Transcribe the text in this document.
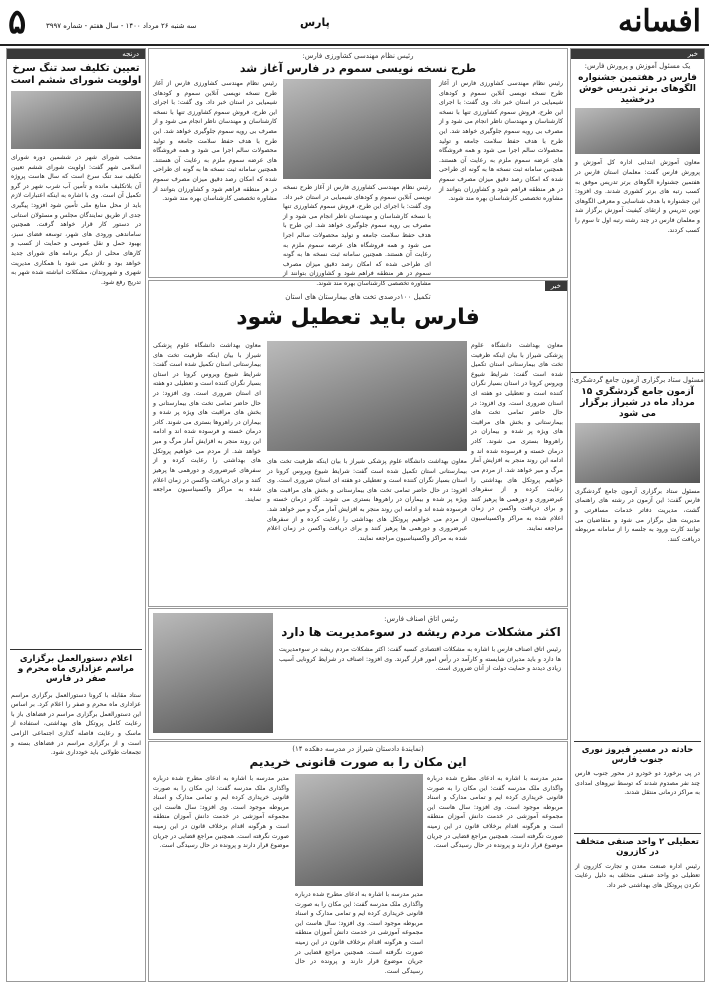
افسانه
پارس
سه شنبه ۲۶ مرداد ۱۴۰۰ - سال هفتم - شماره ۳۹۹۷
۵
درنجه
تعیین تکلیف سد تنگ سرخ اولویت شورای ششم است
منتخب شورای شهر در ششمین دوره شورای اسلامی شهر گفت: اولویت شورای ششم تعیین تکلیف سد تنگ سرخ است که سال هاست پروژه آن بلاتکلیف مانده و تأمین آب شرب شهر در گرو تکمیل آن است. وی با اشاره به اینکه اعتبارات لازم باید از محل منابع ملی تأمین شود افزود: پیگیری جدی از طریق نمایندگان مجلس و مسئولان استانی در دستور کار قرار خواهد گرفت. همچنین ساماندهی ورودی های شهر، توسعه فضای سبز، بهبود حمل و نقل عمومی و حمایت از کسب و کارهای محلی از دیگر برنامه های شورای جدید خواهد بود و تلاش می شود با همکاری مدیریت شهری و شهروندان، مشکلات انباشته شده شهر به تدریج رفع شود.
اعلام دستورالعمل برگزاری مراسم عزاداری ماه محرم و صفر در فارس
ستاد مقابله با کرونا دستورالعمل برگزاری مراسم عزاداری ماه محرم و صفر را اعلام کرد. بر اساس این دستورالعمل برگزاری مراسم در فضاهای باز با رعایت کامل پروتکل های بهداشتی، استفاده از ماسک و رعایت فاصله گذاری اجتماعی الزامی است و از برگزاری مراسم در فضاهای بسته و تجمعات طولانی باید خودداری شود.
رئیس نظام مهندسی کشاورزی فارس:
طرح نسخه نویسی سموم در فارس آغاز شد
رئیس نظام مهندسی کشاورزی فارس از آغاز طرح نسخه نویسی آنلاین سموم و کودهای شیمیایی در استان خبر داد. وی گفت: با اجرای این طرح، فروش سموم کشاورزی تنها با نسخه کارشناسان و مهندسان ناظر انجام می شود و از مصرف بی رویه سموم جلوگیری خواهد شد. این طرح با هدف حفظ سلامت جامعه و تولید محصولات سالم اجرا می شود و همه فروشگاه های عرضه سموم ملزم به رعایت آن هستند. همچنین سامانه ثبت نسخه ها به گونه ای طراحی شده که امکان رصد دقیق میزان مصرف سموم در هر منطقه فراهم شود و کشاورزان بتوانند از مشاوره تخصصی کارشناسان بهره مند شوند.
رئیس نظام مهندسی کشاورزی فارس از آغاز طرح نسخه نویسی آنلاین سموم و کودهای شیمیایی در استان خبر داد. وی گفت: با اجرای این طرح، فروش سموم کشاورزی تنها با نسخه کارشناسان و مهندسان ناظر انجام می شود و از مصرف بی رویه سموم جلوگیری خواهد شد. این طرح با هدف حفظ سلامت جامعه و تولید محصولات سالم اجرا می شود و همه فروشگاه های عرضه سموم ملزم به رعایت آن هستند. همچنین سامانه ثبت نسخه ها به گونه ای طراحی شده که امکان رصد دقیق میزان مصرف سموم در هر منطقه فراهم شود و کشاورزان بتوانند از مشاوره تخصصی کارشناسان بهره مند شوند.
رئیس نظام مهندسی کشاورزی فارس از آغاز طرح نسخه نویسی آنلاین سموم و کودهای شیمیایی در استان خبر داد. وی گفت: با اجرای این طرح، فروش سموم کشاورزی تنها با نسخه کارشناسان و مهندسان ناظر انجام می شود و از مصرف بی رویه سموم جلوگیری خواهد شد. این طرح با هدف حفظ سلامت جامعه و تولید محصولات سالم اجرا می شود و همه فروشگاه های عرضه سموم ملزم به رعایت آن هستند. همچنین سامانه ثبت نسخه ها به گونه ای طراحی شده که امکان رصد دقیق میزان مصرف سموم در هر منطقه فراهم شود و کشاورزان بتوانند از مشاوره تخصصی کارشناسان بهره مند شوند.	خبر
تکمیل ۱۰۰درصدی تخت های بیمارستان های استان
فارس باید تعطیل شود
معاون بهداشت دانشگاه علوم پزشکی شیراز با بیان اینکه ظرفیت تخت های بیمارستانی استان تکمیل شده است گفت: شرایط شیوع ویروس کرونا در استان بسیار نگران کننده است و تعطیلی دو هفته ای استان ضروری است. وی افزود: در حال حاضر تمامی تخت های بیمارستانی و بخش های مراقبت های ویژه پر شده و بیماران در راهروها بستری می شوند. کادر درمان خسته و فرسوده شده اند و ادامه این روند منجر به افزایش آمار مرگ و میر خواهد شد. از مردم می خواهیم پروتکل های بهداشتی را رعایت کرده و از سفرهای غیرضروری و دورهمی ها پرهیز کنند و برای دریافت واکسن در زمان اعلام شده به مراکز واکسیناسیون مراجعه نمایند.
معاون بهداشت دانشگاه علوم پزشکی شیراز با بیان اینکه ظرفیت تخت های بیمارستانی استان تکمیل شده است گفت: شرایط شیوع ویروس کرونا در استان بسیار نگران کننده است و تعطیلی دو هفته ای استان ضروری است. وی افزود: در حال حاضر تمامی تخت های بیمارستانی و بخش های مراقبت های ویژه پر شده و بیماران در راهروها بستری می شوند. کادر درمان خسته و فرسوده شده اند و ادامه این روند منجر به افزایش آمار مرگ و میر خواهد شد. از مردم می خواهیم پروتکل های بهداشتی را رعایت کرده و از سفرهای غیرضروری و دورهمی ها پرهیز کنند و برای دریافت واکسن در زمان اعلام شده به مراکز واکسیناسیون مراجعه نمایند.
معاون بهداشت دانشگاه علوم پزشکی شیراز با بیان اینکه ظرفیت تخت های بیمارستانی استان تکمیل شده است گفت: شرایط شیوع ویروس کرونا در استان بسیار نگران کننده است و تعطیلی دو هفته ای استان ضروری است. وی افزود: در حال حاضر تمامی تخت های بیمارستانی و بخش های مراقبت های ویژه پر شده و بیماران در راهروها بستری می شوند. کادر درمان خسته و فرسوده شده اند و ادامه این روند منجر به افزایش آمار مرگ و میر خواهد شد. از مردم می خواهیم پروتکل های بهداشتی را رعایت کرده و از سفرهای غیرضروری و دورهمی ها پرهیز کنند و برای دریافت واکسن در زمان اعلام شده به مراکز واکسیناسیون مراجعه نمایند.
رئیس اتاق اصناف فارس:
اکثر مشکلات مردم ریشه در سوءمدیریت ها دارد
رئیس اتاق اصناف فارس با اشاره به مشکلات اقتصادی کسبه گفت: اکثر مشکلات مردم ریشه در سوءمدیریت ها دارد و باید مدیران شایسته و کارآمد در رأس امور قرار گیرند. وی افزود: اصناف در شرایط کرونایی آسیب زیادی دیدند و حمایت دولت از آنان ضروری است.
(نمایندهٔ دادستان شیراز در مدرسه دهکده ۱۴)
این مکان را به صورت قانونی خریدیم
مدیر مدرسه با اشاره به ادعای مطرح شده درباره واگذاری ملک مدرسه گفت: این مکان را به صورت قانونی خریداری کرده ایم و تمامی مدارک و اسناد مربوطه موجود است. وی افزود: سال هاست این مجموعه آموزشی در خدمت دانش آموزان منطقه است و هرگونه اقدام برخلاف قانون در این زمینه صورت نگرفته است. همچنین مراجع قضایی در جریان موضوع قرار دارند و پرونده در حال رسیدگی است.
مدیر مدرسه با اشاره به ادعای مطرح شده درباره واگذاری ملک مدرسه گفت: این مکان را به صورت قانونی خریداری کرده ایم و تمامی مدارک و اسناد مربوطه موجود است. وی افزود: سال هاست این مجموعه آموزشی در خدمت دانش آموزان منطقه است و هرگونه اقدام برخلاف قانون در این زمینه صورت نگرفته است. همچنین مراجع قضایی در جریان موضوع قرار دارند و پرونده در حال رسیدگی است.
مدیر مدرسه با اشاره به ادعای مطرح شده درباره واگذاری ملک مدرسه گفت: این مکان را به صورت قانونی خریداری کرده ایم و تمامی مدارک و اسناد مربوطه موجود است. وی افزود: سال هاست این مجموعه آموزشی در خدمت دانش آموزان منطقه است و هرگونه اقدام برخلاف قانون در این زمینه صورت نگرفته است. همچنین مراجع قضایی در جریان موضوع قرار دارند و پرونده در حال رسیدگی است.
خبر
یک مسئول آموزش و پرورش فارس:
فارس در هفتمین جشنواره الگوهای برتر تدریس خوش درخشید
معاون آموزش ابتدایی اداره کل آموزش و پرورش فارس گفت: معلمان استان فارس در هفتمین جشنواره الگوهای برتر تدریس موفق به کسب رتبه های برتر کشوری شدند. وی افزود: این جشنواره با هدف شناسایی و معرفی الگوهای نوین تدریس و ارتقای کیفیت آموزش برگزار شد و معلمان فارس در چند رشته رتبه اول تا سوم را کسب کردند.
مسئول ستاد برگزاری آزمون جامع گردشگری:
آزمون جامع گردشگری ۱۵ مرداد ماه در شیراز برگزار می شود
مسئول ستاد برگزاری آزمون جامع گردشگری فارس گفت: این آزمون در رشته های راهنمای گشت، مدیریت دفاتر خدمات مسافرتی و مدیریت هتل برگزار می شود و متقاضیان می توانند کارت ورود به جلسه را از سامانه مربوطه دریافت کنند.
حادثه در مسیر فیروز نوری جنوب فارس
در پی برخورد دو خودرو در محور جنوب فارس چند نفر مصدوم شدند که توسط نیروهای امدادی به مراکز درمانی منتقل شدند.
تعطیلی ۲ واحد صنفی متخلف در کازرون
رئیس اداره صنعت معدن و تجارت کازرون از تعطیلی دو واحد صنفی متخلف به دلیل رعایت نکردن پروتکل های بهداشتی خبر داد.
